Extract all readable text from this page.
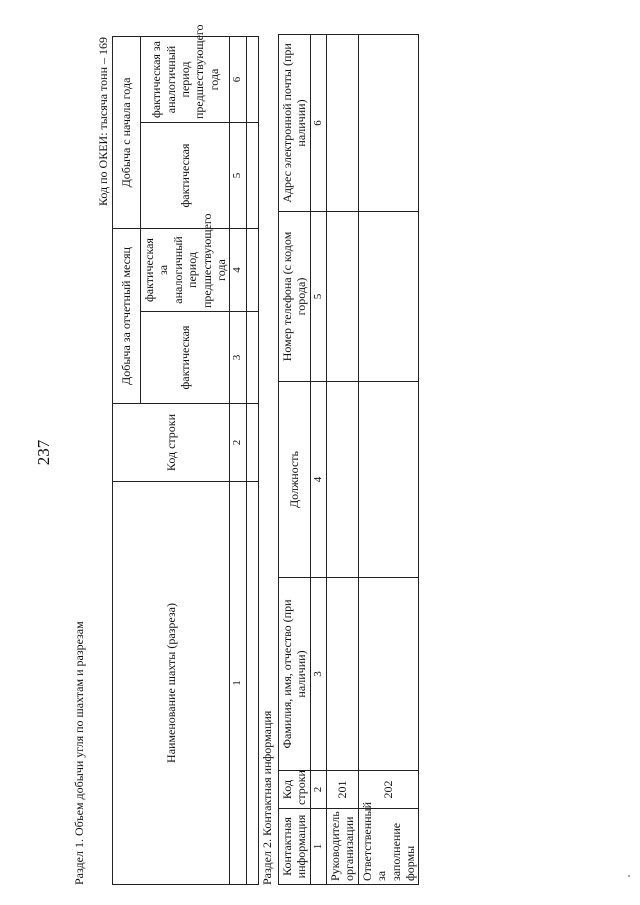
237
Раздел 1. Объем добычи угля по шахтам и разрезам
Код по ОКЕИ: тысяча тонн – 169
Наименование шахты (разреза)	Код строки	Добыча за отчетный месяц		Добыча с начала года	
		фактическая	фактическая за аналогичный период предшествующего года	фактическая	фактическая за аналогичный период предшествующего года
1	2	3	4	5	6

Раздел 2. Контактная информация Контактная информация	Код строки	Фамилия, имя, отчество (при наличии)	Должность	Номер телефона (с кодом города)	Адрес электронной почты (при наличии)
1	2	3	4	5	6
Руководитель организации	201				
Ответственный за заполнение формы	202				
